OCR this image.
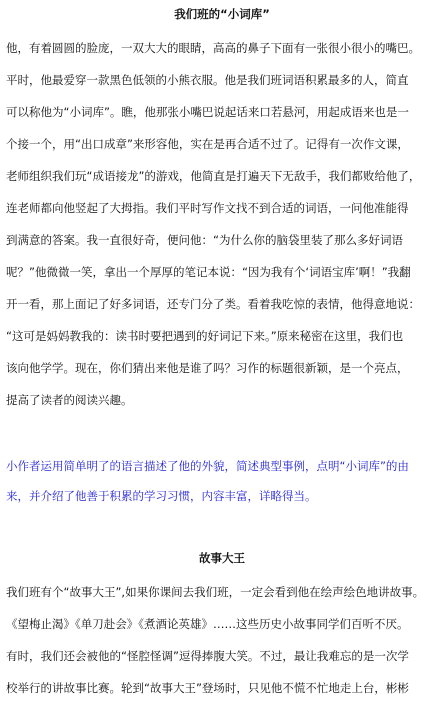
我们班的“小词库”
他，有着圆圆的脸庞，一双大大的眼睛，高高的鼻子下面有一张很小很小的嘴巴。
平时，他最爱穿一款黑色低领的小熊衣服。他是我们班词语积累最多的人，简直
可以称他为“小词库”。瞧，他那张小嘴巴说起话来口若悬河，用起成语来也是一
个接一个，用“出口成章”来形容他，实在是再合适不过了。记得有一次作文课，
老师组织我们玩“成语接龙”的游戏，他简直是打遍天下无敌手，我们都败给他了，
连老师都向他竖起了大拇指。我们平时写作文找不到合适的词语，一问他准能得
到满意的答案。我一直很好奇，便问他：“为什么你的脑袋里装了那么多好词语
呢？”他微微一笑，拿出一个厚厚的笔记本说：“因为我有个‘词语宝库’啊！”我翻
开一看，那上面记了好多词语，还专门分了类。看着我吃惊的表情，他得意地说：
“这可是妈妈教我的：读书时要把遇到的好词记下来。”原来秘密在这里，我们也
该向他学学。现在，你们猜出来他是谁了吗？习作的标题很新颖，是一个亮点，
提高了读者的阅读兴趣。
小作者运用简单明了的语言描述了他的外貌，简述典型事例，点明“小词库”的由
来，并介绍了他善于积累的学习习惯，内容丰富，详略得当。
故事大王
我们班有个“故事大王”,如果你课间去我们班，一定会看到他在绘声绘色地讲故事。
《望梅止渴》《单刀赴会》《煮酒论英雄》……这些历史小故事同学们百听不厌。
有时，我们还会被他的“怪腔怪调”逗得捧腹大笑。不过，最让我难忘的是一次学
校举行的讲故事比赛。轮到“故事大王”登场时，只见他不慌不忙地走上台，彬彬
